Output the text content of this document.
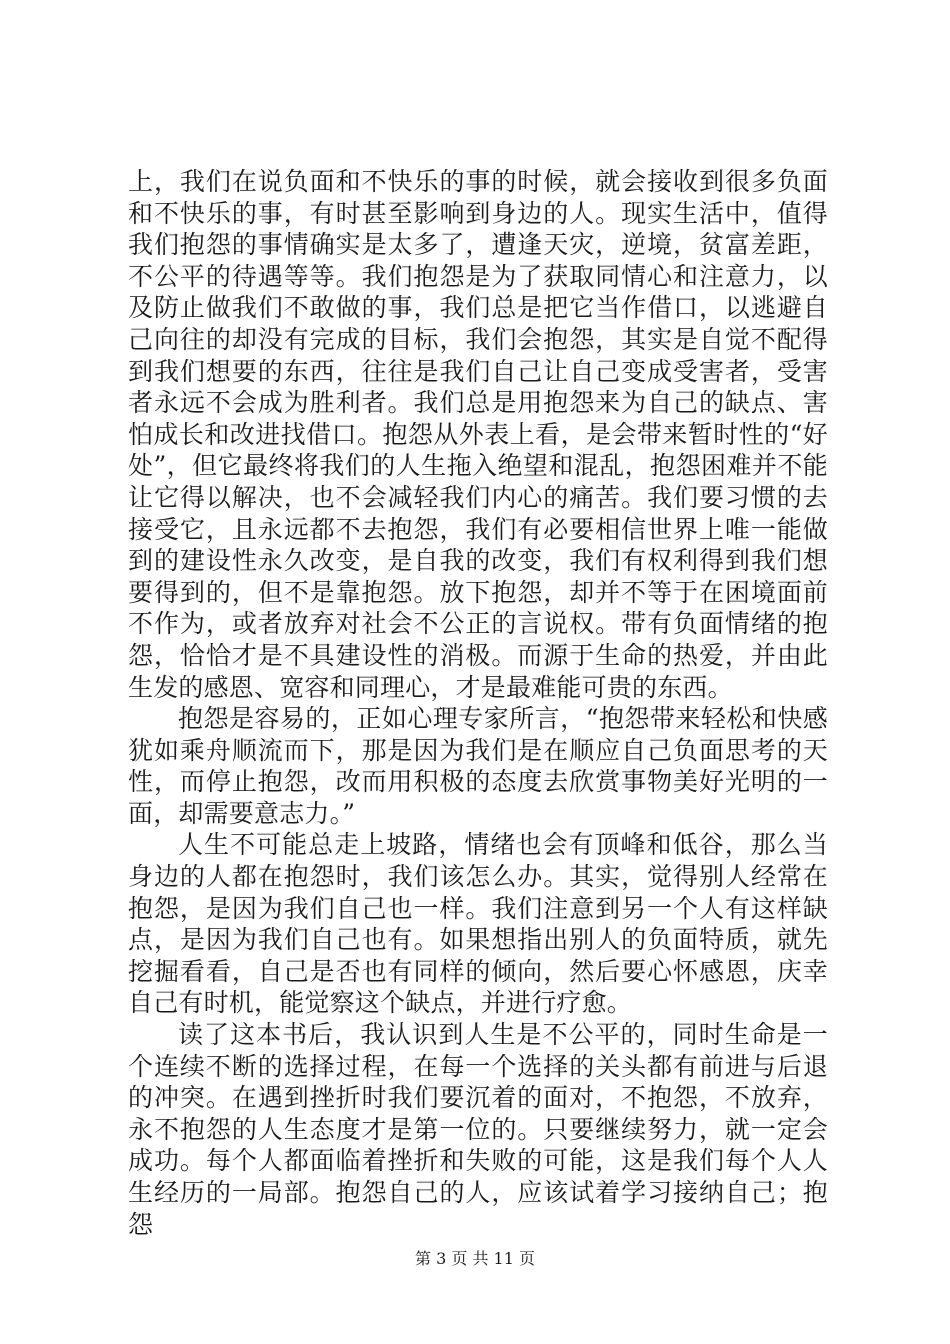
上，我们在说负面和不快乐的事的时候，就会接收到很多负面和不快乐的事，有时甚至影响到身边的人。现实生活中，值得我们抱怨的事情确实是太多了，遭逢天灾，逆境，贫富差距，不公平的待遇等等。我们抱怨是为了获取同情心和注意力，以及防止做我们不敢做的事，我们总是把它当作借口，以逃避自己向往的却没有完成的目标，我们会抱怨，其实是自觉不配得到我们想要的东西，往往是我们自己让自己变成受害者，受害者永远不会成为胜利者。我们总是用抱怨来为自己的缺点、害怕成长和改进找借口。抱怨从外表上看，是会带来暂时性的“好处”，但它最终将我们的人生拖入绝望和混乱，抱怨困难并不能让它得以解决，也不会减轻我们内心的痛苦。我们要习惯的去接受它，且永远都不去抱怨，我们有必要相信世界上唯一能做到的建设性永久改变，是自我的改变，我们有权利得到我们想要得到的，但不是靠抱怨。放下抱怨，却并不等于在困境面前不作为，或者放弃对社会不公正的言说权。带有负面情绪的抱怨，恰恰才是不具建设性的消极。而源于生命的热爱，并由此生发的感恩、宽容和同理心，才是最难能可贵的东西。

抱怨是容易的，正如心理专家所言，“抱怨带来轻松和快感犹如乘舟顺流而下，那是因为我们是在顺应自己负面思考的天性，而停止抱怨，改而用积极的态度去欣赏事物美好光明的一面，却需要意志力。”

人生不可能总走上坡路，情绪也会有顶峰和低谷，那么当身边的人都在抱怨时，我们该怎么办。其实，觉得别人经常在抱怨，是因为我们自己也一样。我们注意到另一个人有这样缺点，是因为我们自己也有。如果想指出别人的负面特质，就先挖掘看看，自己是否也有同样的倾向，然后要心怀感恩，庆幸自己有时机，能觉察这个缺点，并进行疗愈。

读了这本书后，我认识到人生是不公平的，同时生命是一个连续不断的选择过程，在每一个选择的关头都有前进与后退的冲突。在遇到挫折时我们要沉着的面对，不抱怨，不放弃，永不抱怨的人生态度才是第一位的。只要继续努力，就一定会成功。每个人都面临着挫折和失败的可能，这是我们每个人人生经历的一局部。抱怨自己的人，应该试着学习接纳自己；抱怨

第 3 页 共 11 页
